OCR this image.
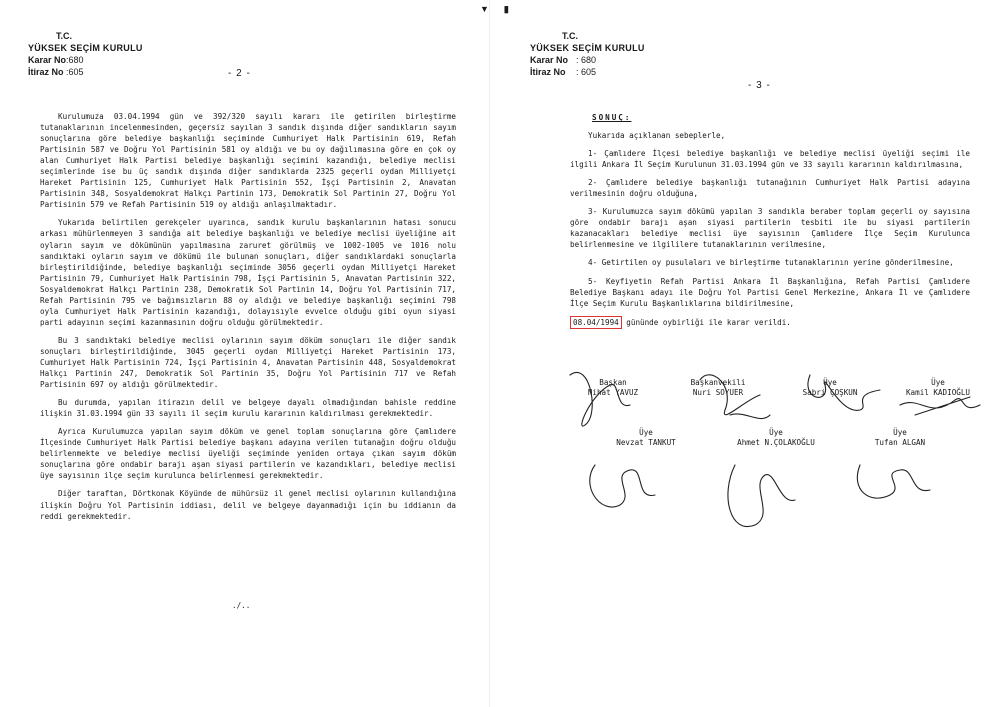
T.C.
YÜKSEK SEÇİM KURULU
Karar No:680
İtiraz No :605	- 2 -

Kurulumuza 03.04.1994 gün ve 392/320 sayılı kararı ile getirilen birleştirme tutanaklarının incelenmesinden, geçersiz sayılan 3 sandık dışında diğer sandıkların sayım sonuçlarına göre belediye başkanlığı seçiminde Cumhuriyet Halk Partisinin 619, Refah Partisinin 587 ve Doğru Yol Partisinin 581 oy aldığı ve bu oy dağılımasına göre en çok oy alan Cumhuriyet Halk Partisi belediye başkanlığı seçimini kazandığı, belediye meclisi seçimlerinde ise bu üç sandık dışında diğer sandıklarda 2325 geçerli oydan Milliyetçi Hareket Partisinin 125, Cumhuriyet Halk Partisinin 552, İşçi Partisinin 2, Anavatan Partisinin 348, Sosyaldemokrat Halkçı Partinin 173, Demokratik Sol Partinin 27, Doğru Yol Partisinin 579 ve Refah Partisinin 519 oy aldığı anlaşılmaktadır.

Yukarıda belirtilen gerekçeler uyarınca, sandık kurulu başkanlarının hatası sonucu arkası mühürlenmeyen 3 sandığa ait belediye başkanlığı ve belediye meclisi üyeliğine ait oyların sayım ve dökümünün yapılmasına zaruret görülmüş ve 1002-1005 ve 1016 nolu sandıktaki oyların sayım ve dökümü ile bulunan sonuçları, diğer sandıklardaki sonuçlarla birleştirildiğinde, belediye başkanlığı seçiminde 3056 geçerli oydan Milliyetçi Hareket Partisinin 79, Cumhuriyet Halk Partisinin 798, İşçi Partisinin 5, Anavatan Partisinin 322, Sosyaldemokrat Halkçı Partinin 238, Demokratik Sol Partinin 14, Doğru Yol Partisinin 717, Refah Partisinin 795 ve bağımsızların 88 oy aldığı ve belediye başkanlığı seçimini 798 oyla Cumhuriyet Halk Partisinin kazandığı, dolayısıyle evvelce olduğu gibi oyun siyasi parti adayının seçimi kazanmasının doğru olduğu görülmektedir.

Bu 3 sandıktaki belediye meclisi oylarının sayım döküm sonuçları ile diğer sandık sonuçları birleştirildiğinde, 3045 geçerli oydan Milliyetçi Hareket Partisinin 173, Cumhuriyet Halk Partisinin 724, İşçi Partisinin 4, Anavatan Partisinin 448, Sosyaldemokrat Halkçı Partinin 247, Demokratik Sol Partinin 35, Doğru Yol Partisinin 717 ve Refah Partisinin 697 oy aldığı görülmektedir.

Bu durumda, yapılan itirazın delil ve belgeye dayalı olmadığından bahisle reddine ilişkin 31.03.1994 gün 33 sayılı il seçim kurulu kararının kaldırılması gerekmektedir.

Ayrıca Kurulumuzca yapılan sayım döküm ve genel toplam sonuçlarına göre Çamlıdere İlçesinde Cumhuriyet Halk Partisi belediye başkanı adayına verilen tutanağın doğru olduğu belirlenmekte ve belediye meclisi üyeliği seçiminde yeniden ortaya çıkan sayım döküm sonuçlarına göre ondabir barajı aşan siyasi partilerin ve kazandıkları, belediye meclisi üye sayısının ilçe seçim kuruluncа belirlenmesi gerekmektedir.

Diğer taraftan, Dörtkonak Köyünde de mühürsüz il genel meclisi oylarının kullandığına ilişkin Doğru Yol Partisinin iddiası, delil ve belgeye dayanmadığı için bu iddianın da reddi gerekmektedir.

./..
▼      ▮
T.C.
YÜKSEK SEÇİM KURULU
Karar No : 680
İtiraz No : 605
- 3 -

SONUÇ:

Yukarıda açıklanan sebeplerle,

1- Çamlıdere İlçesi belediye başkanlığı ve belediye meclisi üyeliği seçimi ile ilgili Ankara İl Seçim Kurulunun 31.03.1994 gün ve 33 sayılı kararının kaldırılmasına,

2- Çamlıdere belediye başkanlığı tutanağının Cumhuriyet Halk Partisi adayına verilmesinin doğru olduğuna,

3- Kurulumuzca sayım dökümü yapılan 3 sandıkla beraber toplam geçerli oy sayısına göre ondabir barajı aşan siyasi partilerin tesbiti ile bu siyasi partilerin kazanacakları belediye meclisi üye sayısının Çamlıdere İlçe Seçim Kurulunca belirlenmesine ve ilgililere tutanaklarının verilmesine,

4- Getirtilen oy pusulaları ve birleştirme tutanaklarının yerine gönderilmesine,

5- Keyfiyetin Refah Partisi Ankara İl Başkanlığına, Refah Partisi Çamlıdere Belediye Başkanı adayı ile Doğru Yol Partisi Genel Merkezine, Ankara İl ve Çamlıdere İlçe Seçim Kurulu Başkanlıklarına bildirilmesine,

08.04/1994 gününde oybirliği ile karar verildi.

Başkan
Nihat YAVUZ
Başkanvekili
Nuri SOYUER
Üye
Sabri ÇOŞKUN
Üye
Kamil KADIOĞLU
Üye
Nevzat TANKUT
Üye
Ahmet N.ÇOLAKOĞLU
Üye
Tufan ALGAN
